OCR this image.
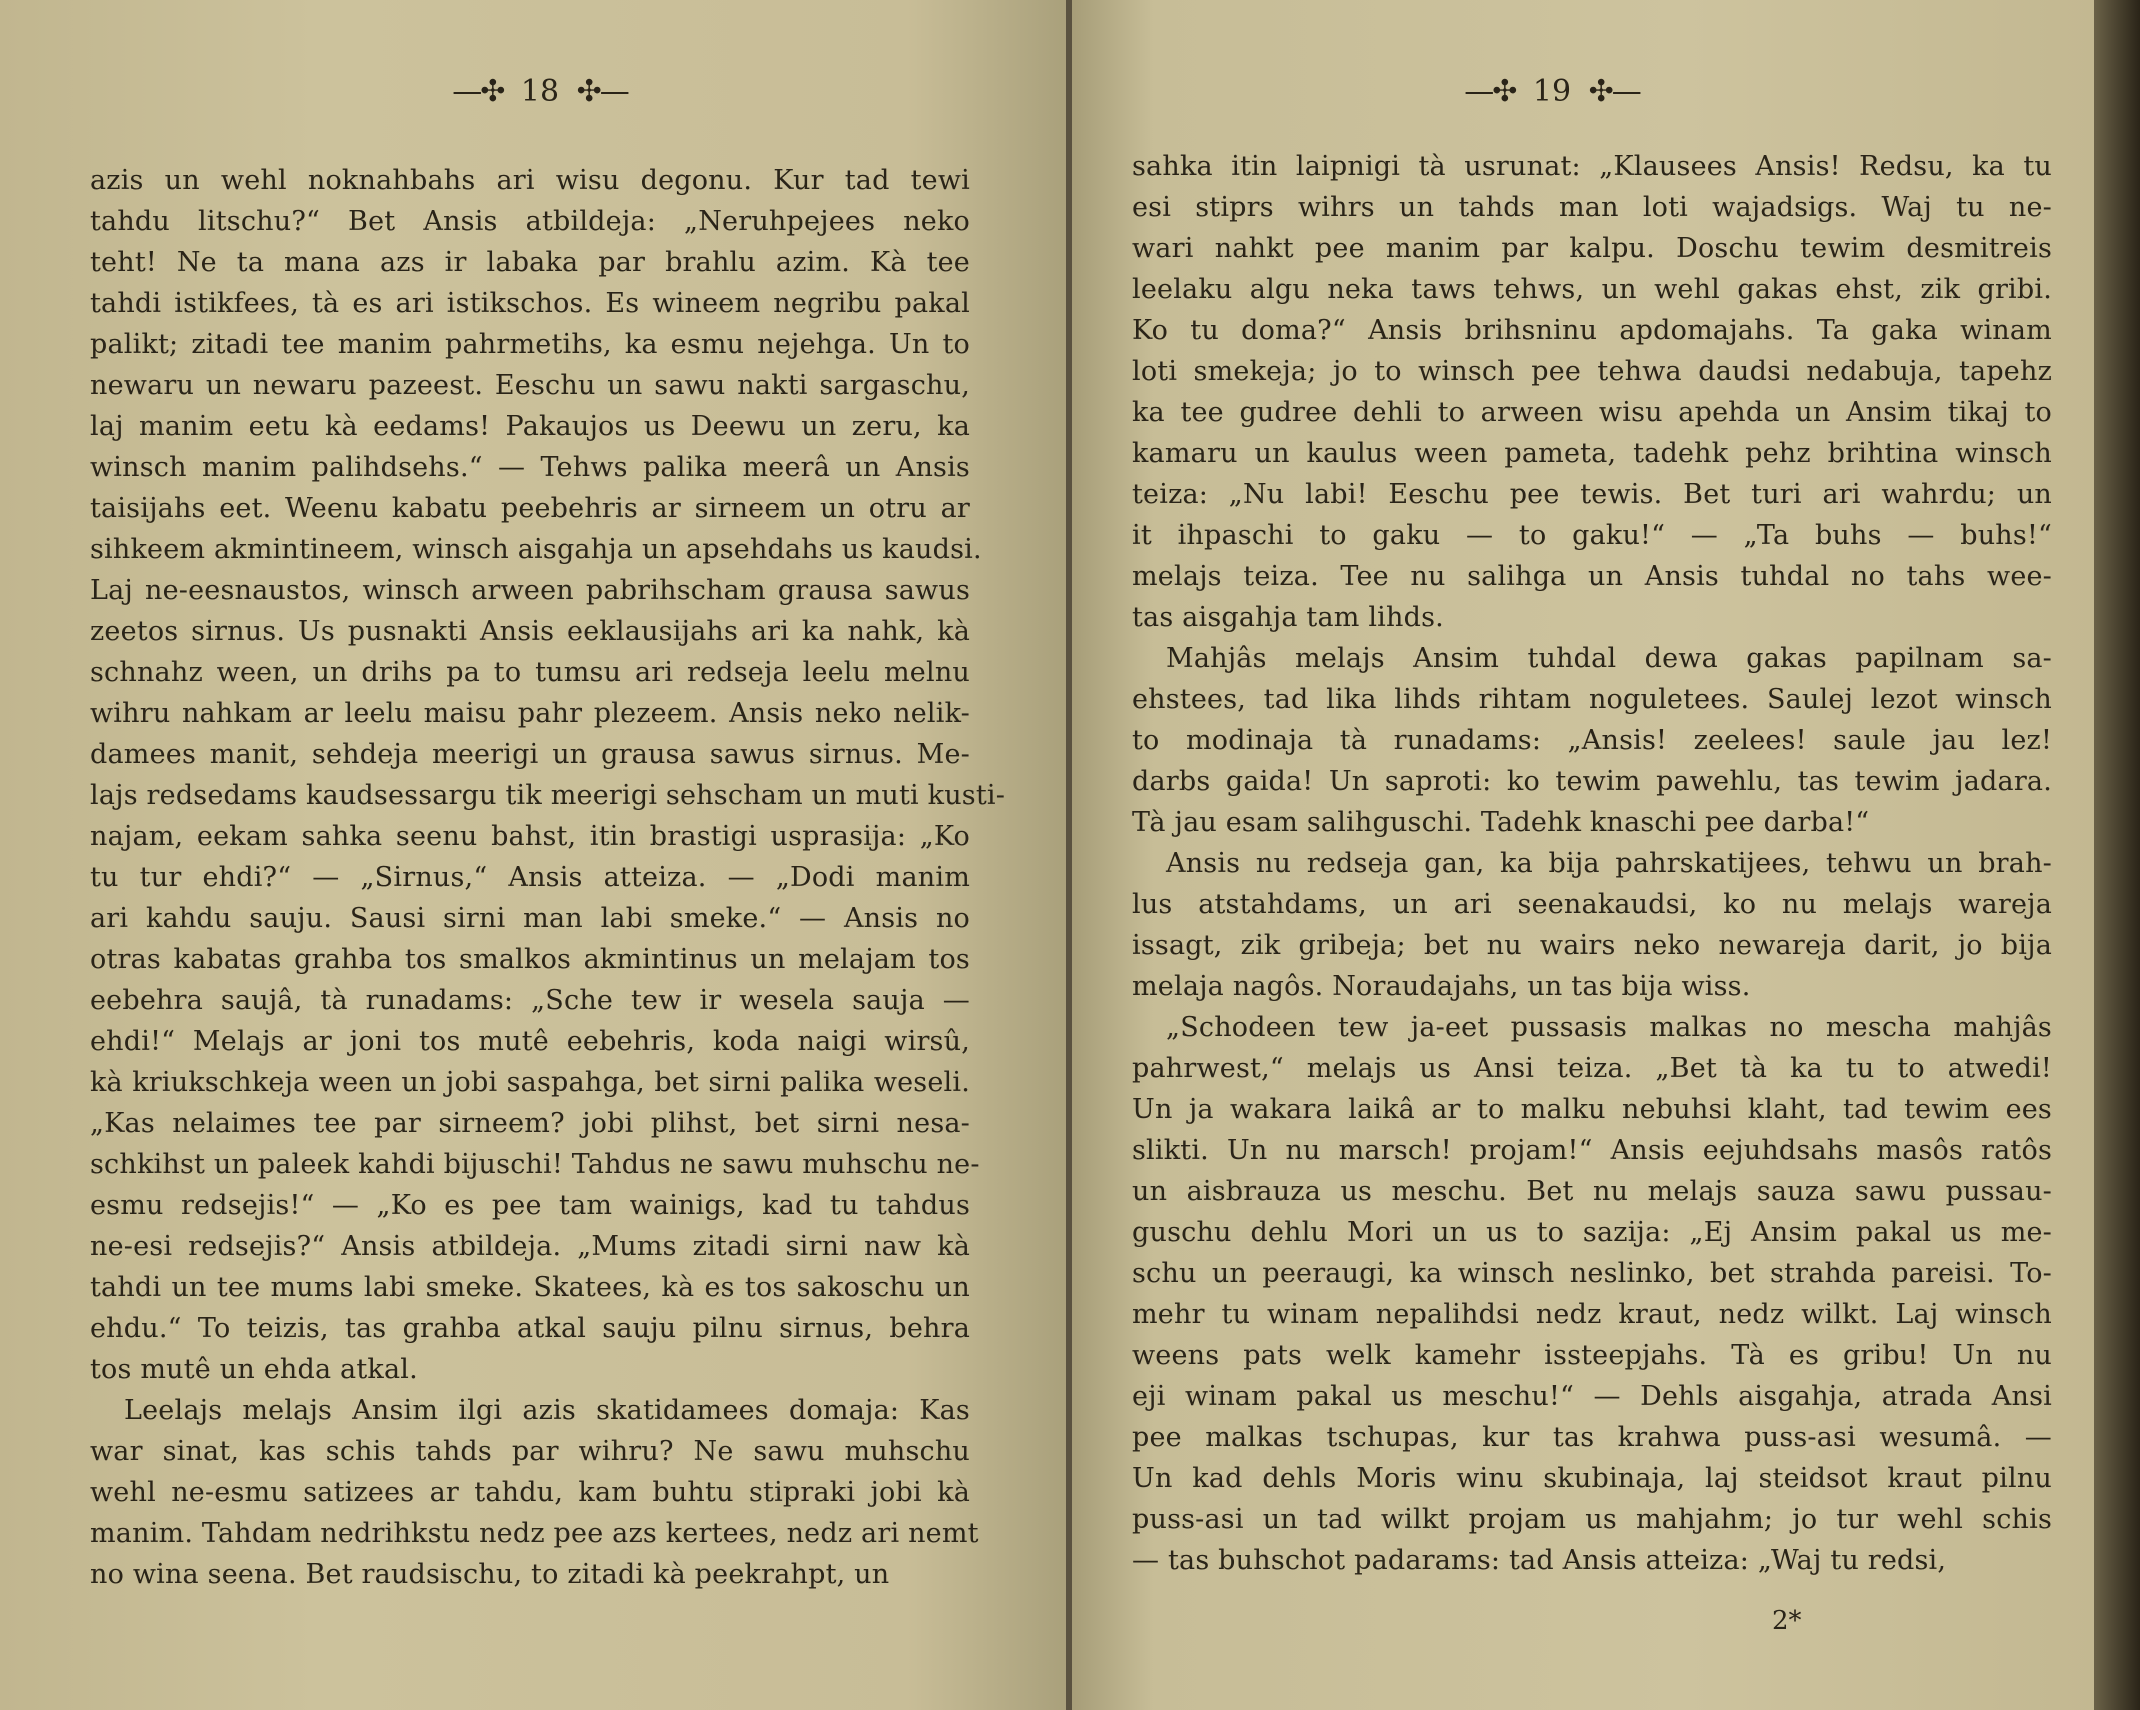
—✣ 18 ✣—
azis un wehl noknahbahs ari wisu degonu. Kur tad tewi
tahdu litschu?“ Bet Ansis atbildeja: „Neruhpejees neko
teht! Ne ta mana azs ir labaka par brahlu azim. Kà tee
tahdi istikfees, tà es ari istikschos. Es wineem negribu pakal
palikt; zitadi tee manim pahrmetihs, ka esmu nejehga. Un to
newaru un newaru pazeest. Eeschu un sawu nakti sargaschu,
laj manim eetu kà eedams! Pakaujos us Deewu un zeru, ka
winsch manim palihdsehs.“ — Tehws palika meerâ un Ansis
taisijahs eet. Weenu kabatu peebehris ar sirneem un otru ar
sihkeem akmintineem, winsch aisgahja un apsehdahs us kaudsi.
Laj ne-eesnaustos, winsch arween pabrihscham grausa sawus
zeetos sirnus. Us pusnakti Ansis eeklausijahs ari ka nahk, kà
schnahz ween, un drihs pa to tumsu ari redseja leelu melnu
wihru nahkam ar leelu maisu pahr plezeem. Ansis neko nelik-
damees manit, sehdeja meerigi un grausa sawus sirnus. Me-
lajs redsedams kaudsessargu tik meerigi sehscham un muti kusti-
najam, eekam sahka seenu bahst, itin brastigi usprasija: „Ko
tu tur ehdi?“ — „Sirnus,“ Ansis atteiza. — „Dodi manim
ari kahdu sauju. Sausi sirni man labi smeke.“ — Ansis no
otras kabatas grahba tos smalkos akmintinus un melajam tos
eebehra saujâ, tà runadams: „Sche tew ir wesela sauja —
ehdi!“ Melajs ar joni tos mutê eebehris, koda naigi wirsû,
kà kriukschkeja ween un jobi saspahga, bet sirni palika weseli.
„Kas nelaimes tee par sirneem? jobi plihst, bet sirni nesa-
schkihst un paleek kahdi bijuschi! Tahdus ne sawu muhschu ne-
esmu redsejis!“ — „Ko es pee tam wainigs, kad tu tahdus
ne-esi redsejis?“ Ansis atbildeja. „Mums zitadi sirni naw kà
tahdi un tee mums labi smeke. Skatees, kà es tos sakoschu un
ehdu.“ To teizis, tas grahba atkal sauju pilnu sirnus, behra
tos mutê un ehda atkal.
Leelajs melajs Ansim ilgi azis skatidamees domaja: Kas
war sinat, kas schis tahds par wihru? Ne sawu muhschu
wehl ne-esmu satizees ar tahdu, kam buhtu stipraki jobi kà
manim. Tahdam nedrihkstu nedz pee azs kertees, nedz ari nemt
no wina seena. Bet raudsischu, to zitadi kà peekrahpt, un
—✣ 19 ✣—
sahka itin laipnigi tà usrunat: „Klausees Ansis! Redsu, ka tu
esi stiprs wihrs un tahds man loti wajadsigs. Waj tu ne-
wari nahkt pee manim par kalpu. Doschu tewim desmitreis
leelaku algu neka taws tehws, un wehl gakas ehst, zik gribi.
Ko tu doma?“ Ansis brihsninu apdomajahs. Ta gaka winam
loti smekeja; jo to winsch pee tehwa daudsi nedabuja, tapehz
ka tee gudree dehli to arween wisu apehda un Ansim tikaj to
kamaru un kaulus ween pameta, tadehk pehz brihtina winsch
teiza: „Nu labi! Eeschu pee tewis. Bet turi ari wahrdu; un
it ihpaschi to gaku — to gaku!“ — „Ta buhs — buhs!“
melajs teiza. Tee nu salihga un Ansis tuhdal no tahs wee-
tas aisgahja tam lihds.
Mahjâs melajs Ansim tuhdal dewa gakas papilnam sa-
ehstees, tad lika lihds rihtam noguletees. Saulej lezot winsch
to modinaja tà runadams: „Ansis! zeelees! saule jau lez!
darbs gaida! Un saproti: ko tewim pawehlu, tas tewim jadara.
Tà jau esam salihguschi. Tadehk knaschi pee darba!“
Ansis nu redseja gan, ka bija pahrskatijees, tehwu un brah-
lus atstahdams, un ari seenakaudsi, ko nu melajs wareja
issagt, zik gribeja; bet nu wairs neko newareja darit, jo bija
melaja nagôs. Noraudajahs, un tas bija wiss.
„Schodeen tew ja-eet pussasis malkas no mescha mahjâs
pahrwest,“ melajs us Ansi teiza. „Bet tà ka tu to atwedi!
Un ja wakara laikâ ar to malku nebuhsi klaht, tad tewim ees
slikti. Un nu marsch! projam!“ Ansis eejuhdsahs masôs ratôs
un aisbrauza us meschu. Bet nu melajs sauza sawu pussau-
guschu dehlu Mori un us to sazija: „Ej Ansim pakal us me-
schu un peeraugi, ka winsch neslinko, bet strahda pareisi. To-
mehr tu winam nepalihdsi nedz kraut, nedz wilkt. Laj winsch
weens pats welk kamehr issteepjahs. Tà es gribu! Un nu
eji winam pakal us meschu!“ — Dehls aisgahja, atrada Ansi
pee malkas tschupas, kur tas krahwa puss-asi wesumâ. —
Un kad dehls Moris winu skubinaja, laj steidsot kraut pilnu
puss-asi un tad wilkt projam us mahjahm; jo tur wehl schis
— tas buhschot padarams: tad Ansis atteiza: „Waj tu redsi,
2*
